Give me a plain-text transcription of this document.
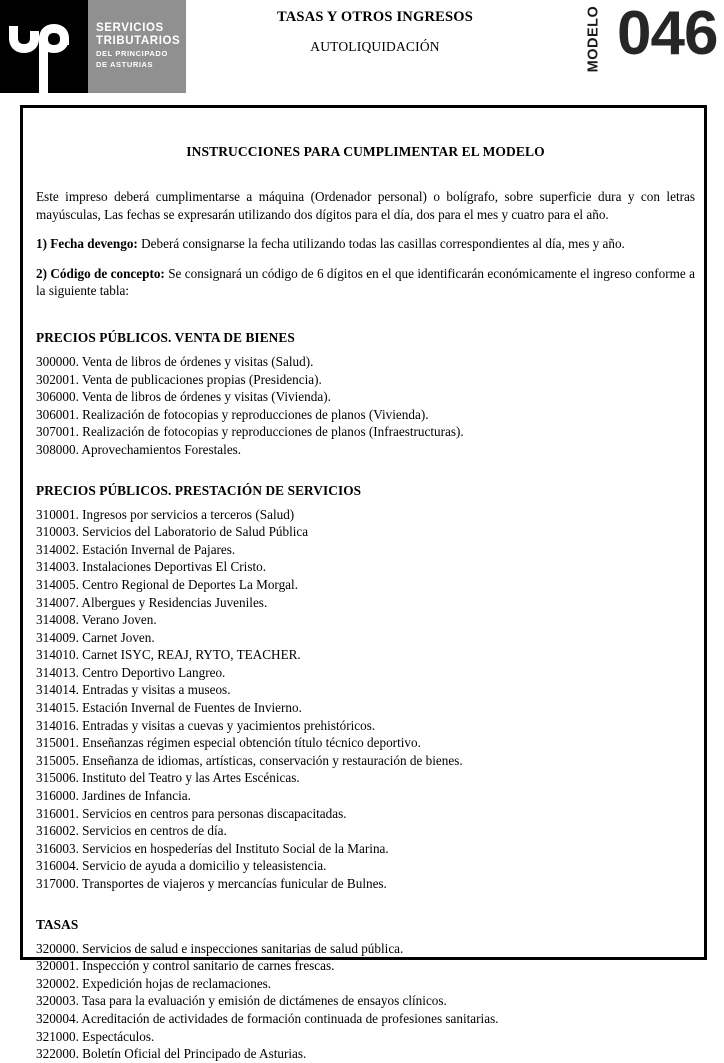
SERVICIOS
TRIBUTARIOS
DEL PRINCIPADO
DE ASTURIAS
TASAS Y OTROS INGRESOS
AUTOLIQUIDACIÓN	MODELO 046
INSTRUCCIONES PARA CUMPLIMENTAR EL MODELO
Este impreso deberá cumplimentarse a máquina (Ordenador personal) o bolígrafo, sobre superficie dura y con letras mayúsculas, Las fechas se expresarán utilizando dos dígitos para el día, dos para el mes y cuatro para el año.
1) Fecha devengo: Deberá consignarse la fecha utilizando todas las casillas correspondientes al día, mes y año.
2) Código de concepto: Se consignará un código de 6 dígitos en el que identificarán económicamente el ingreso conforme a la siguiente tabla:
PRECIOS PÚBLICOS. VENTA DE BIENES
300000. Venta de libros de órdenes y visitas (Salud).
302001. Venta de publicaciones propias (Presidencia).
306000. Venta de libros de órdenes y visitas (Vivienda).
306001. Realización de fotocopias y reproducciones de planos (Vivienda).
307001. Realización de fotocopias y reproducciones de planos (Infraestructuras).
308000. Aprovechamientos Forestales.
PRECIOS PÚBLICOS. PRESTACIÓN DE SERVICIOS
310001. Ingresos por servicios a terceros (Salud)
310003. Servicios del Laboratorio de Salud Pública
314002. Estación Invernal de Pajares.
314003. Instalaciones Deportivas El Cristo.
314005. Centro Regional de Deportes La Morgal.
314007. Albergues y Residencias Juveniles.
314008. Verano Joven.
314009. Carnet Joven.
314010. Carnet ISYC, REAJ, RYTO, TEACHER.
314013. Centro Deportivo Langreo.
314014. Entradas y visitas a museos.
314015. Estación Invernal de Fuentes de Invierno.
314016. Entradas y visitas a cuevas y yacimientos prehistóricos.
315001. Enseñanzas régimen especial obtención título técnico deportivo.
315005. Enseñanza de idiomas, artísticas, conservación y restauración de bienes.
315006. Instituto del Teatro y las Artes Escénicas.
316000. Jardines de Infancia.
316001. Servicios en centros para personas discapacitadas.
316002. Servicios en centros de día.
316003. Servicios en hospederías del Instituto Social de la Marina.
316004. Servicio de ayuda a domicilio y teleasistencia.
317000. Transportes de viajeros y mercancías funicular de Bulnes.
TASAS
320000. Servicios de salud e inspecciones sanitarias de salud pública.
320001. Inspección y control sanitario de carnes frescas.
320002. Expedición hojas de reclamaciones.
320003. Tasa para la evaluación y emisión de dictámenes de ensayos clínicos.
320004. Acreditación de actividades de formación continuada de profesiones sanitarias.
321000. Espectáculos.
322000. Boletín Oficial del Principado de Asturias.
